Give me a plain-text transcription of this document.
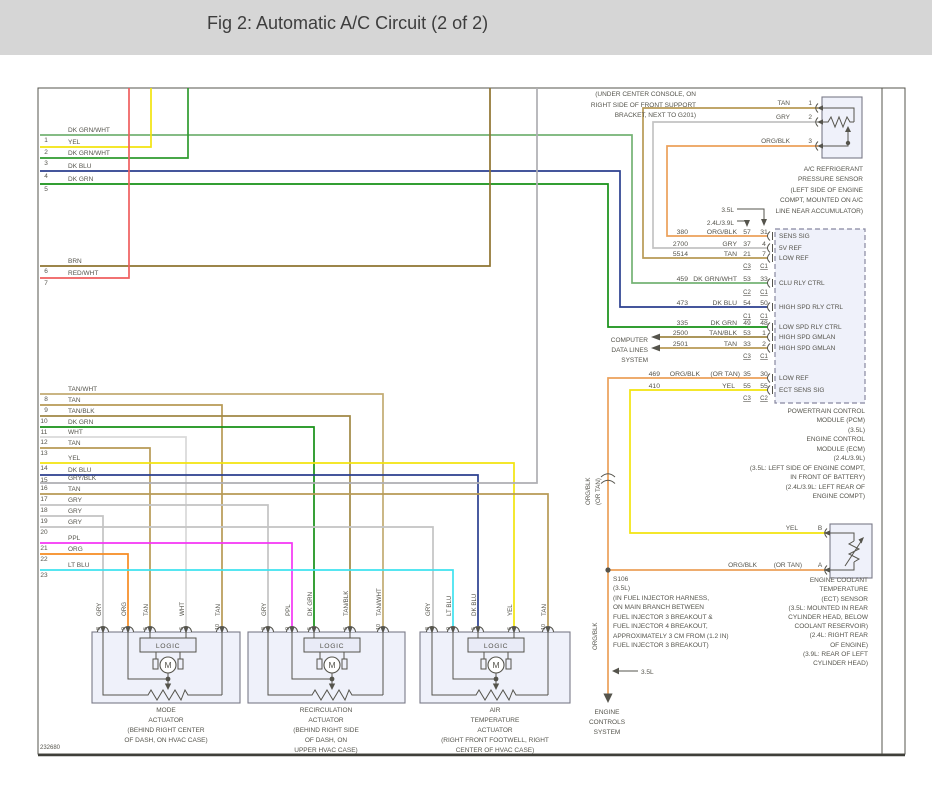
Fig 2: Automatic A/C Circuit (2 of 2)
232680
DK GRN/WHT
1	YEL
2	DK GRN/WHT
3	DK BLU
4	DK GRN
5
BRN
6	RED/WHT
7
TAN/WHT
8	TAN
9	TAN/BLK
10	DK GRN
11	WHT
12	TAN
13
YEL
14	DK BLU
15	GRY/BLK
16	TAN
17	GRY
18	GRY
19	GRY
20
PPL
21	ORG
22
LT BLU
23
(UNDER CENTER CONSOLE, ON
RIGHT SIDE OF FRONT SUPPORT
BRACKET, NEXT TO G201)
TAN	1
GRY	2
ORG/BLK	3
A/C REFRIGERANT
PRESSURE SENSOR
(LEFT SIDE OF ENGINE
COMPT, MOUNTED ON A/C
LINE NEAR ACCUMULATOR)
3.5L
2.4L/3.9L
380	ORG/BLK 57 31
SENS SIG
2700	GRY 37 4
5V REF
5514	TAN 21 7
LOW REF
C3 C1
459 DK GRN/WHT 53 33
CLU RLY CTRL
C2 C1
473	DK BLU 54 50
HIGH SPD RLY CTRL
C1 C1
335	DK GRN 49 48
LOW SPD RLY CTRL
2500	TAN/BLK 53 1
HIGH SPD GMLAN
2501	TAN 33 2
HIGH SPD GMLAN
C3 C1
469 ORG/BLK (OR TAN) 35 30
LOW REF
410	YEL 55 55
ECT SENS SIG
C3 C2
POWERTRAIN CONTROL
MODULE (PCM)
(3.5L)
ENGINE CONTROL
MODULE (ECM)
(2.4L/3.9L)
(3.5L: LEFT SIDE OF ENGINE COMPT,
IN FRONT OF BATTERY)
(2.4L/3.9L: LEFT REAR OF
ENGINE COMPT)
COMPUTER
DATA LINES
SYSTEM
YEL	B
ORG/BLK	(OR TAN) A
ENGINE COOLANT
TEMPERATURE
(ECT) SENSOR
(3.5L: MOUNTED IN REAR
CYLINDER HEAD, BELOW
COOLANT RESERVOIR)
(2.4L: RIGHT REAR
OF ENGINE)
(3.9L: REAR OF LEFT
CYLINDER HEAD)
ORG/BLK (OR TAN)
S106
(3.5L)
(IN FUEL INJECTOR HARNESS,
ON MAIN BRANCH BETWEEN
FUEL INJECTOR 3 BREAKOUT &
FUEL INJECTOR 4 BREAKOUT,
APPROXIMATELY 3 CM FROM (1.2 IN)
FUEL INJECTOR 3 BREAKOUT)
ORG/BLK
3.5L
ENGINE
CONTROLS
SYSTEM
LOGIC
M
GRY	ORG TAN	WHT	TAN
8	9	5	6	10
MODE
ACTUATOR
(BEHIND RIGHT CENTER
OF DASH, ON HVAC CASE)
LOGIC
M
GRY	PPL DK GRN	TAN/BLK	TAN/WHT
8	9	5	6	10
RECIRCULATION
ACTUATOR
(BEHIND RIGHT SIDE
OF DASH, ON
UPPER HVAC CASE)
LOGIC
M
GRY LT BLU	DK BLU	YEL	TAN
8	9	5	6	10
AIR
TEMPERATURE
ACTUATOR
(RIGHT FRONT FOOTWELL, RIGHT
CENTER OF HVAC CASE)
